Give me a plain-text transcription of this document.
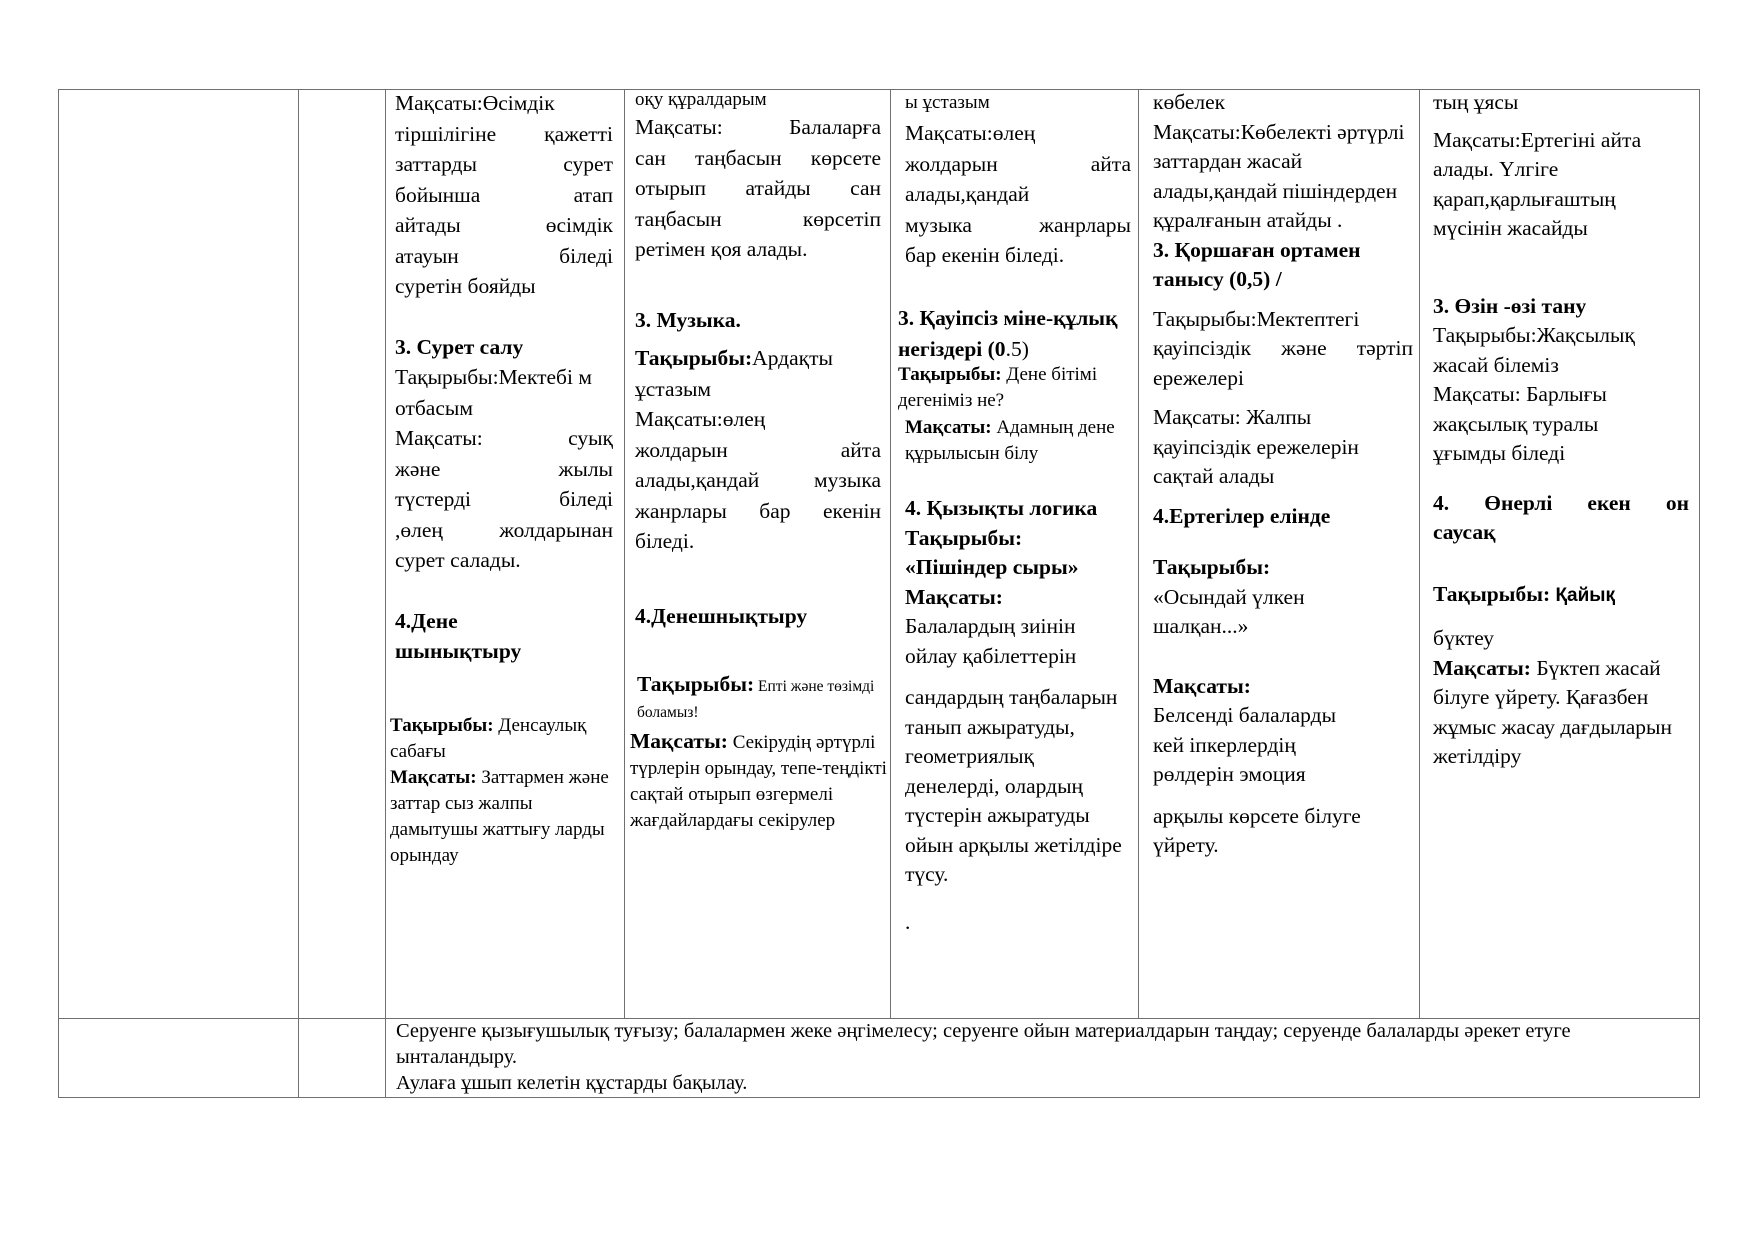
Мақсаты:Өсімдік

тіршілігіне қажетті

заттарды сурет

бойынша атап

айтады өсімдік

атауын біледі

суретін бояйды

3. Сурет салу

Тақырыбы:Мектебі м отбасым

Мақсаты: суық

және жылы

түстерді біледі

,өлең жолдарынан

сурет салады.

4.Дене шынықтыру

Тақырыбы: Денсаулық сабағы

Мақсаты: Заттармен және заттар сыз жалпы дамытушы жаттығу ларды орындау

оқу құралдарым

Мақсаты: Балаларға

сан таңбасын көрсете

отырып атайды сан

таңбасын көрсетіп

ретімен қоя алады.

3. Музыка.

Тақырыбы:Ардақты ұстазым

Мақсаты:өлең

жолдарын айта

алады,қандай музыка

жанрлары бар екенін

біледі.

4.Денешнықтыру

Тақырыбы: Епті және төзімді боламыз!

Мақсаты: Секірудің әртүрлі түрлерін орындау, тепе-теңдікті сақтай отырып өзгермелі жағдайлардағы секірулер

ы ұстазым

Мақсаты:өлең

жолдарын айта

алады,қандай

музыка жанрлары

бар екенін біледі.

3. Қауіпсіз міне-құлық негіздері (0.5)

Тақырыбы: Дене бітімі дегеніміз не?

Мақсаты: Адамның дене құрылысын білу

4. Қызықты логика

Тақырыбы:

«Пішіндер сыры»

Мақсаты:

Балалардың зиінін ойлау қабілеттерін

сандардың таңбаларын танып ажыратуды, геометриялық денелерді, олардың түстерін ажыратуды ойын арқылы жетілдіре түсу.

.

көбелек

Мақсаты:Көбелекті әртүрлі заттардан жасай алады,қандай пішіндерден құралғанын атайды .

3. Қоршаған ортамен танысу (0,5) /

Тақырыбы:Мектептегі

қауіпсіздік және тәртіп

ережелері

Мақсаты: Жалпы қауіпсіздік ережелерін сақтай алады

4.Ертегілер елінде

Тақырыбы:

«Осындай үлкен шалқан...»

Мақсаты:

Белсенді балаларды кей іпкерлердің рөлдерін эмоция

арқылы көрсете білуге үйрету.

тың ұясы

Мақсаты:Ертегіні айта алады. Үлгіге қарап,қарлығаштың мүсінін жасайды

3. Өзін -өзі тану

Тақырыбы:Жақсылық жасай білеміз

Мақсаты: Барлығы жақсылық туралы ұғымды біледі

4. Өнерлі екен он

саусақ

Тақырыбы: Қайық

бүктеу

Мақсаты: Бүктеп жасай білуге үйрету. Қағазбен жұмыс жасау дағдыларын жетілдіру

Серуенге қызығушылық туғызу; балалармен жеке әңгімелесу; серуенге ойын материалдарын таңдау; серуенде балаларды әрекет етуге ынталандыру.

Аулаға ұшып келетін құстарды бақылау.
